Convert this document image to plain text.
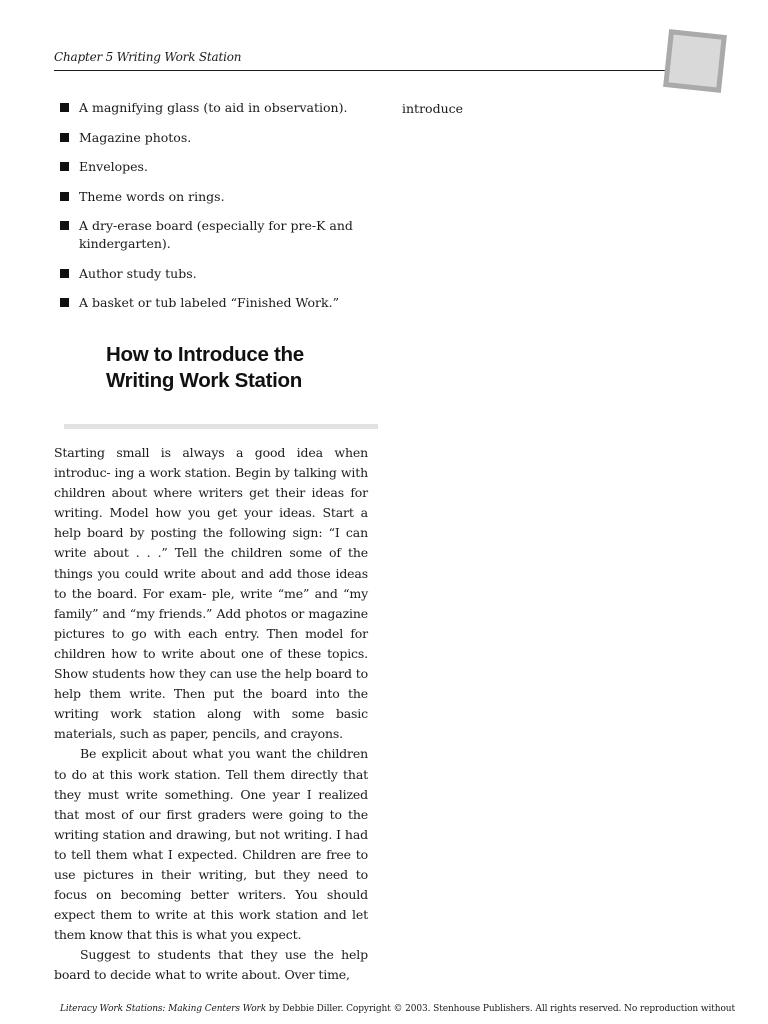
Chapter 5 Writing Work Station
A magnifying glass (to aid in observation).
Magazine photos.
Envelopes.
Theme words on rings.
A dry-erase board (especially for pre-K and kindergarten).
Author study tubs.
A basket or tub labeled “Finished Work.”
introduce
How to Introduce the Writing Work Station

Starting small is always a good idea when introduc- ing a work station. Begin by talking with children about where writers get their ideas for writing. Model how you get your ideas. Start a help board by posting the following sign: “I can write about . . .” Tell the children some of the things you could write about and add those ideas to the board. For exam- ple, write “me” and “my family” and “my friends.” Add photos or magazine pictures to go with each entry. Then model for children how to write about one of these topics. Show students how they can use the help board to help them write. Then put the board into the writing work station along with some basic materials, such as paper, pencils, and crayons.

Be explicit about what you want the children to do at this work station. Tell them directly that they must write something. One year I realized that most of our first graders were going to the writing station and drawing, but not writing. I had to tell them what I expected. Children are free to use pictures in their writing, but they need to focus on becoming better writers. You should expect them to write at this work station and let them know that this is what you expect.

Suggest to students that they use the help board to decide what to write about. Over time,

Literacy Work Stations: Making Centers Work by Debbie Diller. Copyright © 2003. Stenhouse Publishers. All rights reserved. No reproduction without
